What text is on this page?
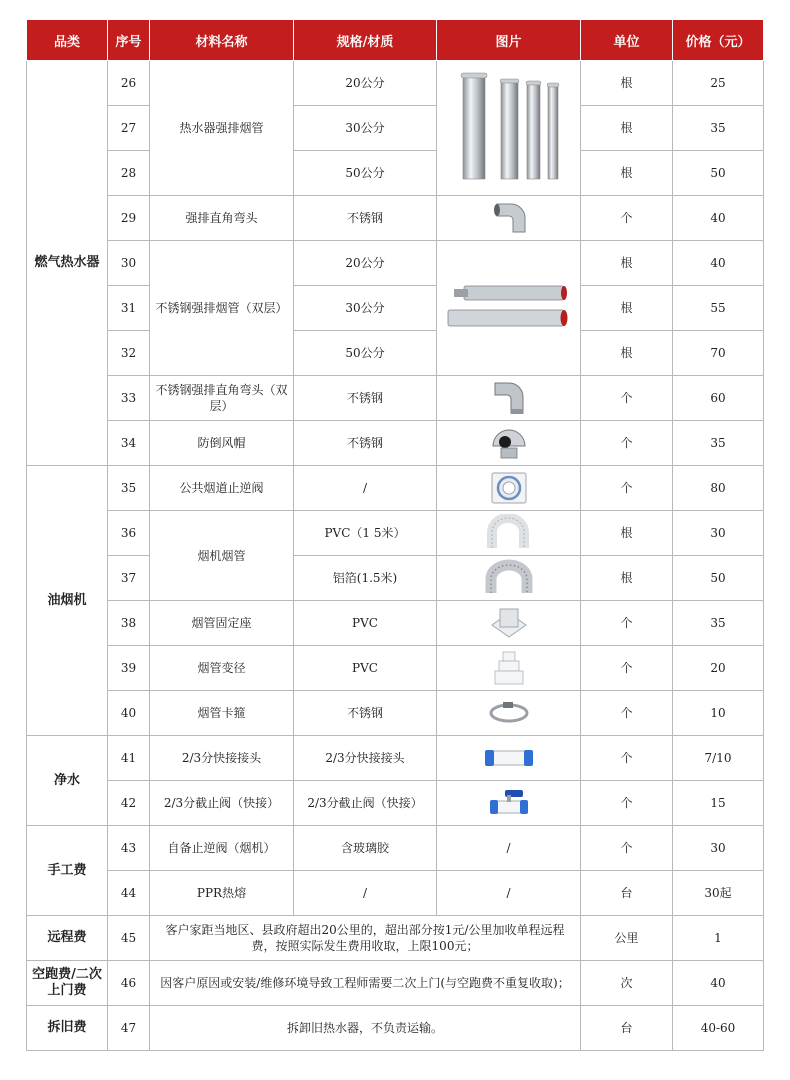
品类	序号	材料名称	规格/材质	图片	单位	价格（元）
燃气热水器	26	热水器强排烟管	20公分		根	25
	27		30公分		根	35
	28		50公分		根	50
	29	强排直角弯头	不锈钢		个	40
	30	不锈钢强排烟管（双层）	20公分		根	40
	31		30公分		根	55
	32		50公分		根	70
	33	不锈钢强排直角弯头（双层）	不锈钢		个	60
	34	防倒风帽	不锈钢		个	35
油烟机	35	公共烟道止逆阀	/		个	80
	36	烟机烟管	PVC（1 5米）		根	30
	37		铝箔(1.5米)		根	50
	38	烟管固定座	PVC		个	35
	39	烟管变径	PVC		个	20
	40	烟管卡箍	不锈钢		个	10
净水	41	2/3分快接接头	2/3分快接接头		个	7/10
	42	2/3分截止阀（快接）	2/3分截止阀（快接）		个	15
手工费	43	自备止逆阀（烟机）	含玻璃胶	/	个	30
	44	PPR热熔	/	/	台	30起
远程费	45	客户家距当地区、县政府超出20公里的，超出部分按1元/公里加收单程远程费，按照实际发生费用收取，上限100元；			公里	1
空跑费/二次上门费	46	因客户原因或安装/维修环境导致工程师需要二次上门(与空跑费不重复收取)；			次	40
拆旧费	47	拆卸旧热水器，不负责运输。			台	40-60
